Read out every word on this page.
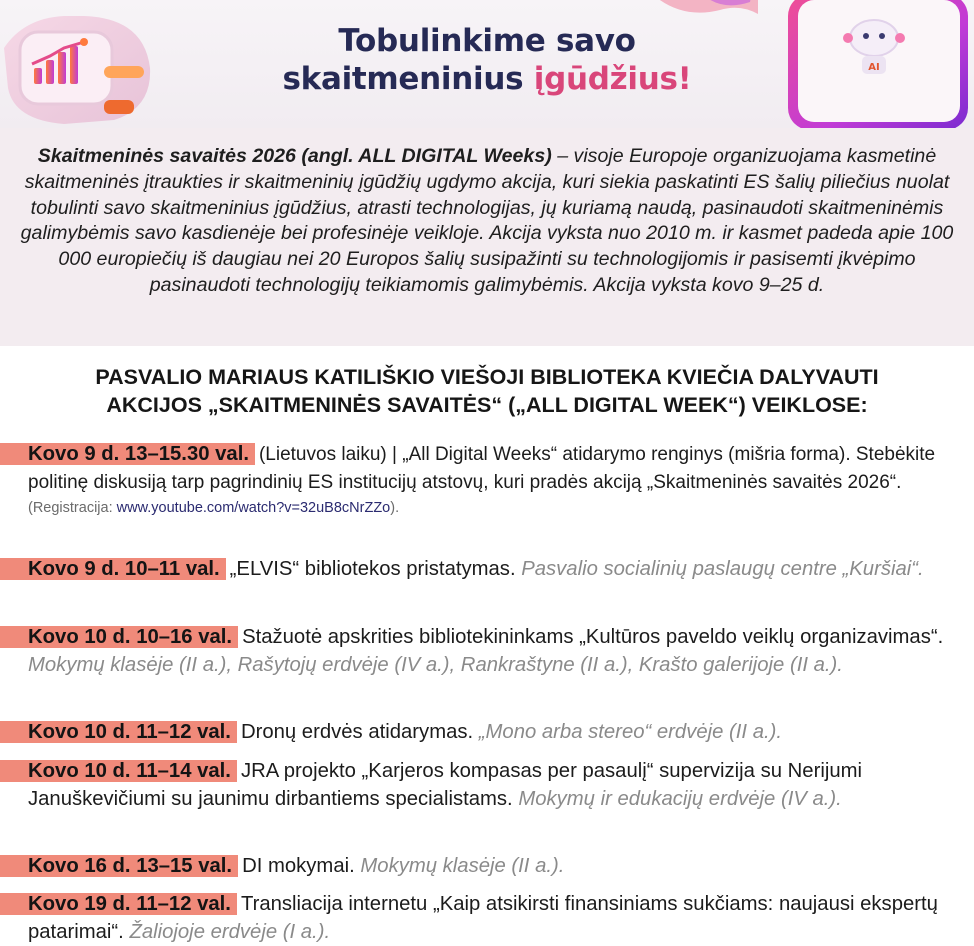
AI
Tobulinkime savo
skaitmeninius įgūdžius!

Skaitmeninės savaitės 2026 (angl. ALL DIGITAL Weeks) – visoje Europoje organizuojama kasmetinė skaitmeninės įtraukties ir skaitmeninių įgūdžių ugdymo akcija, kuri siekia paskatinti ES šalių piliečius nuolat tobulinti savo skaitmeninius įgūdžius, atrasti technologijas, jų kuriamą naudą, pasinaudoti skaitmeninėmis galimybėmis savo kasdienėje bei profesinėje veikloje. Akcija vyksta nuo 2010 m. ir kasmet padeda apie 100 000 europiečių iš daugiau nei 20 Europos šalių susipažinti su technologijomis ir pasisemti įkvėpimo pasinaudoti technologijų teikiamomis galimybėmis. Akcija vyksta kovo 9–25 d.

PASVALIO MARIAUS KATILIŠKIO VIEŠOJI BIBLIOTEKA KVIEČIA DALYVAUTI
AKCIJOS „SKAITMENINĖS SAVAITĖS“ („ALL DIGITAL WEEK“) VEIKLOSE:
Kovo 9 d. 13–15.30 val. (Lietuvos laiku) | „All Digital Weeks“ atidarymo renginys (mišria forma). Stebėkite politinę diskusiją tarp pagrindinių ES institucijų atstovų, kuri pradės akciją „Skaitmeninės savaitės 2026“.
(Registracija: www.youtube.com/watch?v=32uB8cNrZZo).
Kovo 9 d. 10–11 val. „ELVIS“ bibliotekos pristatymas. Pasvalio socialinių paslaugų centre „Kuršiai“.
Kovo 10 d. 10–16 val. Stažuotė apskrities bibliotekininkams „Kultūros paveldo veiklų organizavimas“. Mokymų klasėje (II a.), Rašytojų erdvėje (IV a.), Rankraštyne (II a.), Krašto galerijoje (II a.).
Kovo 10 d. 11–12 val. Dronų erdvės atidarymas. „Mono arba stereo“ erdvėje (II a.).
Kovo 10 d. 11–14 val. JRA projekto „Karjeros kompasas per pasaulį“ supervizija su Nerijumi Januškevičiumi su jaunimu dirbantiems specialistams. Mokymų ir edukacijų erdvėje (IV a.).
Kovo 16 d. 13–15 val. DI mokymai. Mokymų klasėje (II a.).
Kovo 19 d. 11–12 val. Transliacija internetu „Kaip atsikirsti finansiniams sukčiams: naujausi ekspertų patarimai“. Žaliojoje erdvėje (I a.).
